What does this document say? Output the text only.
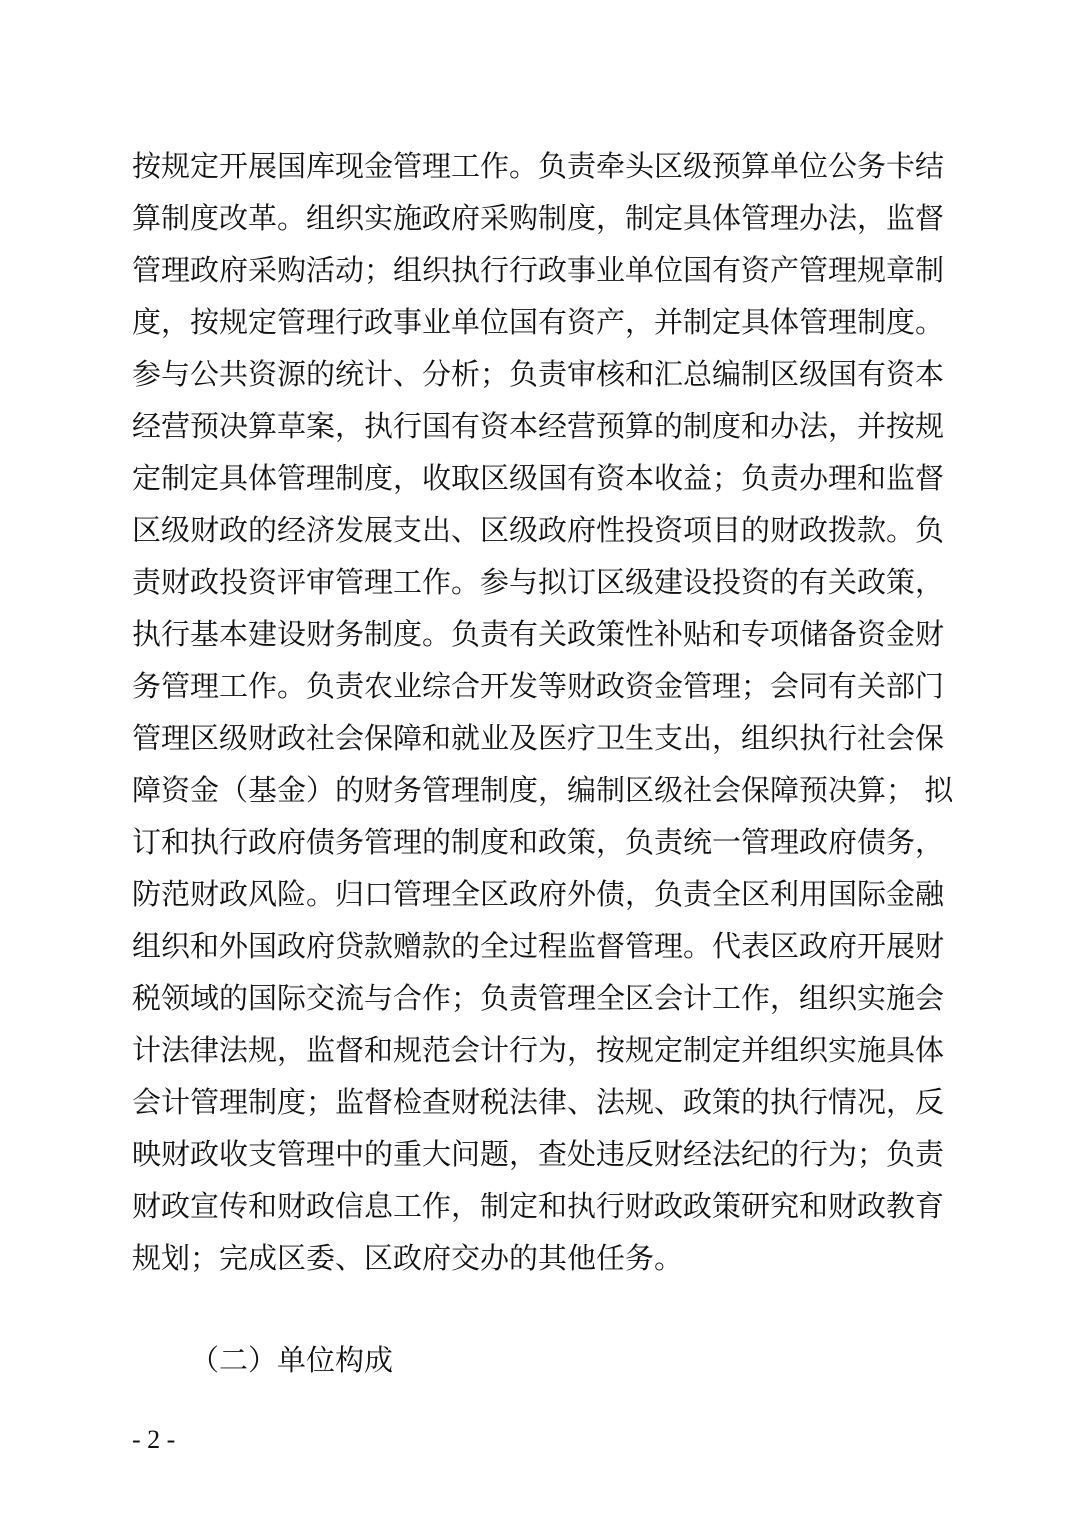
按规定开展国库现金管理工作。负责牵头区级预算单位公务卡结
算制度改革。组织实施政府采购制度，制定具体管理办法，监督
管理政府采购活动；组织执行行政事业单位国有资产管理规章制
度，按规定管理行政事业单位国有资产，并制定具体管理制度。
参与公共资源的统计、分析；负责审核和汇总编制区级国有资本
经营预决算草案，执行国有资本经营预算的制度和办法，并按规
定制定具体管理制度，收取区级国有资本收益；负责办理和监督
区级财政的经济发展支出、区级政府性投资项目的财政拨款。负
责财政投资评审管理工作。参与拟订区级建设投资的有关政策，
执行基本建设财务制度。负责有关政策性补贴和专项储备资金财
务管理工作。负责农业综合开发等财政资金管理；会同有关部门
管理区级财政社会保障和就业及医疗卫生支出，组织执行社会保
障资金（基金）的财务管理制度，编制区级社会保障预决算； 拟
订和执行政府债务管理的制度和政策，负责统一管理政府债务，
防范财政风险。归口管理全区政府外债，负责全区利用国际金融
组织和外国政府贷款赠款的全过程监督管理。代表区政府开展财
税领域的国际交流与合作；负责管理全区会计工作，组织实施会
计法律法规，监督和规范会计行为，按规定制定并组织实施具体
会计管理制度；监督检查财税法律、法规、政策的执行情况，反
映财政收支管理中的重大问题，查处违反财经法纪的行为；负责
财政宣传和财政信息工作，制定和执行财政政策研究和财政教育
规划；完成区委、区政府交办的其他任务。
（二）单位构成
- 2 -
